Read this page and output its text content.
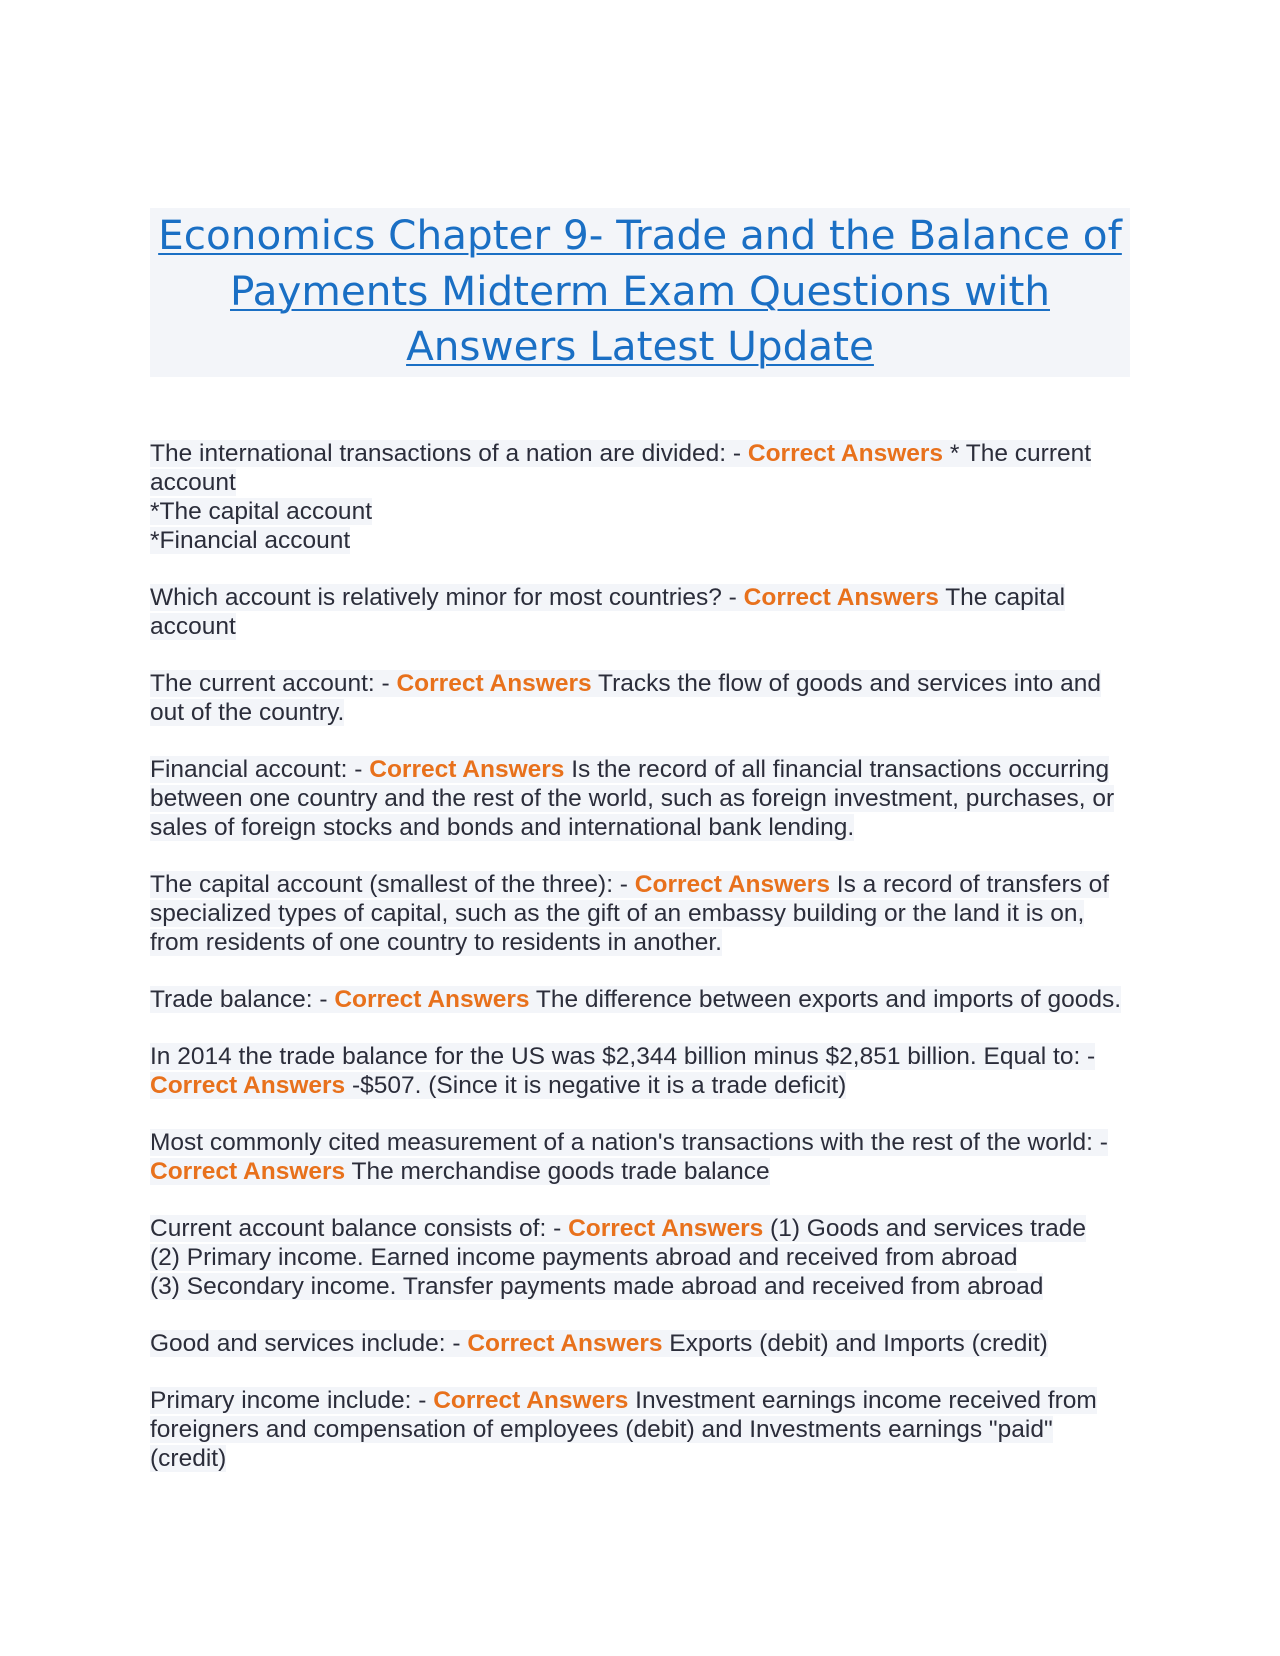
Economics Chapter 9- Trade and the Balance of Payments Midterm Exam Questions with Answers Latest Update

The international transactions of a nation are divided: - Correct Answers * The current account
*The capital account
*Financial account

Which account is relatively minor for most countries? - Correct Answers The capital account

The current account: - Correct Answers Tracks the flow of goods and services into and out of the country.

Financial account: - Correct Answers Is the record of all financial transactions occurring between one country and the rest of the world, such as foreign investment, purchases, or sales of foreign stocks and bonds and international bank lending.

The capital account (smallest of the three): - Correct Answers Is a record of transfers of specialized types of capital, such as the gift of an embassy building or the land it is on, from residents of one country to residents in another.

Trade balance: - Correct Answers The difference between exports and imports of goods.

In 2014 the trade balance for the US was $2,344 billion minus $2,851 billion. Equal to: - Correct Answers -$507. (Since it is negative it is a trade deficit)

Most commonly cited measurement of a nation's transactions with the rest of the world: - Correct Answers The merchandise goods trade balance

Current account balance consists of: - Correct Answers (1) Goods and services trade
(2) Primary income. Earned income payments abroad and received from abroad
(3) Secondary income. Transfer payments made abroad and received from abroad

Good and services include: - Correct Answers Exports (debit) and Imports (credit)

Primary income include: - Correct Answers Investment earnings income received from foreigners and compensation of employees (debit) and Investments earnings "paid" (credit)
